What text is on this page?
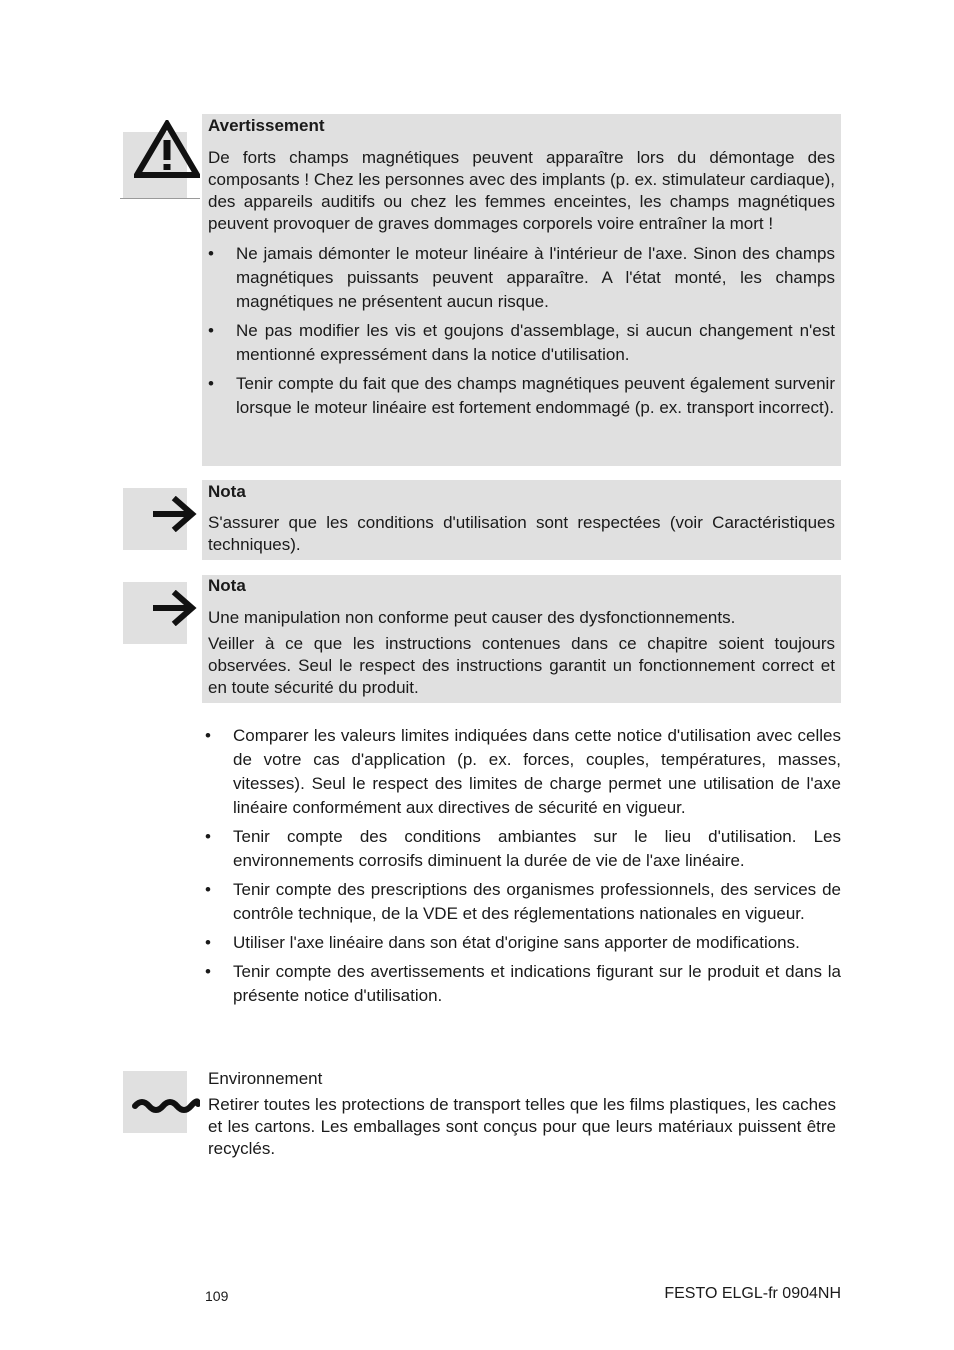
Avertissement
De forts champs magnétiques peuvent apparaître lors du démontage des composants ! Chez les personnes avec des implants (p. ex. stimulateur cardiaque), des appareils auditifs ou chez les femmes enceintes, les champs magnétiques peuvent provoquer de graves dommages corporels voire entraîner la mort !
• Ne jamais démonter le moteur linéaire à l'intérieur de l'axe. Sinon des champs magnétiques puissants peuvent apparaître. A l'état monté, les champs magnétiques ne présentent aucun risque.
• Ne pas modifier les vis et goujons d'assemblage, si aucun changement n'est mentionné expressément dans la notice d'utilisation.
• Tenir compte du fait que des champs magnétiques peuvent également survenir lorsque le moteur linéaire est fortement endommagé (p. ex. transport incorrect).
Nota
S'assurer que les conditions d'utilisation sont respectées (voir Caractéristiques techniques).
Nota
Une manipulation non conforme peut causer des dysfonctionnements.
Veiller à ce que les instructions contenues dans ce chapitre soient toujours observées. Seul le respect des instructions garantit un fonctionnement correct et en toute sécurité du produit.
• Comparer les valeurs limites indiquées dans cette notice d'utilisation avec celles de votre cas d'application (p. ex. forces, couples, températures, masses, vitesses). Seul le respect des limites de charge permet une utilisation de l'axe linéaire conformément aux directives de sécurité en vigueur.
• Tenir compte des conditions ambiantes sur le lieu d'utilisation. Les environnements corrosifs diminuent la durée de vie de l'axe linéaire.
• Tenir compte des prescriptions des organismes professionnels, des services de contrôle technique, de la VDE et des réglementations nationales en vigueur.
• Utiliser l'axe linéaire dans son état d'origine sans apporter de modifications.
• Tenir compte des avertissements et indications figurant sur le produit et dans la présente notice d'utilisation.
Environnement
Retirer toutes les protections de transport telles que les films plastiques, les caches et les cartons. Les emballages sont conçus pour que leurs matériaux puissent être recyclés.
109	FESTO ELGL-fr 0904NH
